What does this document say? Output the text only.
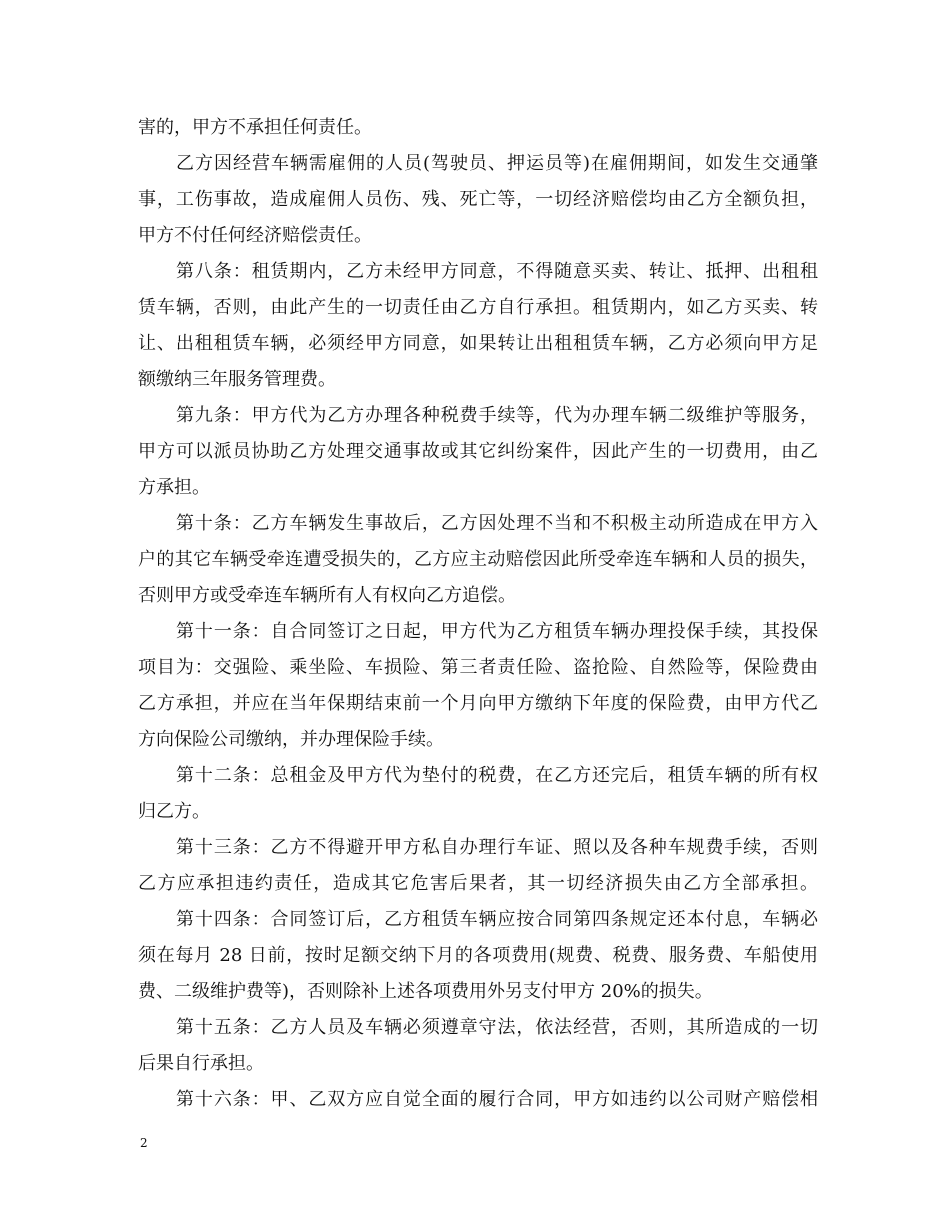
害的，甲方不承担任何责任。
乙方因经营车辆需雇佣的人员(驾驶员、押运员等)在雇佣期间，如发生交通肇
事，工伤事故，造成雇佣人员伤、残、死亡等，一切经济赔偿均由乙方全额负担，
甲方不付任何经济赔偿责任。
第八条：租赁期内，乙方未经甲方同意，不得随意买卖、转让、抵押、出租租
赁车辆，否则，由此产生的一切责任由乙方自行承担。租赁期内，如乙方买卖、转
让、出租租赁车辆，必须经甲方同意，如果转让出租租赁车辆，乙方必须向甲方足
额缴纳三年服务管理费。
第九条：甲方代为乙方办理各种税费手续等，代为办理车辆二级维护等服务，
甲方可以派员协助乙方处理交通事故或其它纠纷案件，因此产生的一切费用，由乙
方承担。
第十条：乙方车辆发生事故后，乙方因处理不当和不积极主动所造成在甲方入
户的其它车辆受牵连遭受损失的，乙方应主动赔偿因此所受牵连车辆和人员的损失，
否则甲方或受牵连车辆所有人有权向乙方追偿。
第十一条：自合同签订之日起，甲方代为乙方租赁车辆办理投保手续，其投保
项目为：交强险、乘坐险、车损险、第三者责任险、盗抢险、自然险等，保险费由
乙方承担，并应在当年保期结束前一个月向甲方缴纳下年度的保险费，由甲方代乙
方向保险公司缴纳，并办理保险手续。
第十二条：总租金及甲方代为垫付的税费，在乙方还完后，租赁车辆的所有权
归乙方。
第十三条：乙方不得避开甲方私自办理行车证、照以及各种车规费手续，否则
乙方应承担违约责任，造成其它危害后果者，其一切经济损失由乙方全部承担。
第十四条：合同签订后，乙方租赁车辆应按合同第四条规定还本付息，车辆必
须在每月 28 日前，按时足额交纳下月的各项费用(规费、税费、服务费、车船使用
费、二级维护费等)，否则除补上述各项费用外另支付甲方 20%的损失。
第十五条：乙方人员及车辆必须遵章守法，依法经营，否则，其所造成的一切
后果自行承担。
第十六条：甲、乙双方应自觉全面的履行合同，甲方如违约以公司财产赔偿相
2
